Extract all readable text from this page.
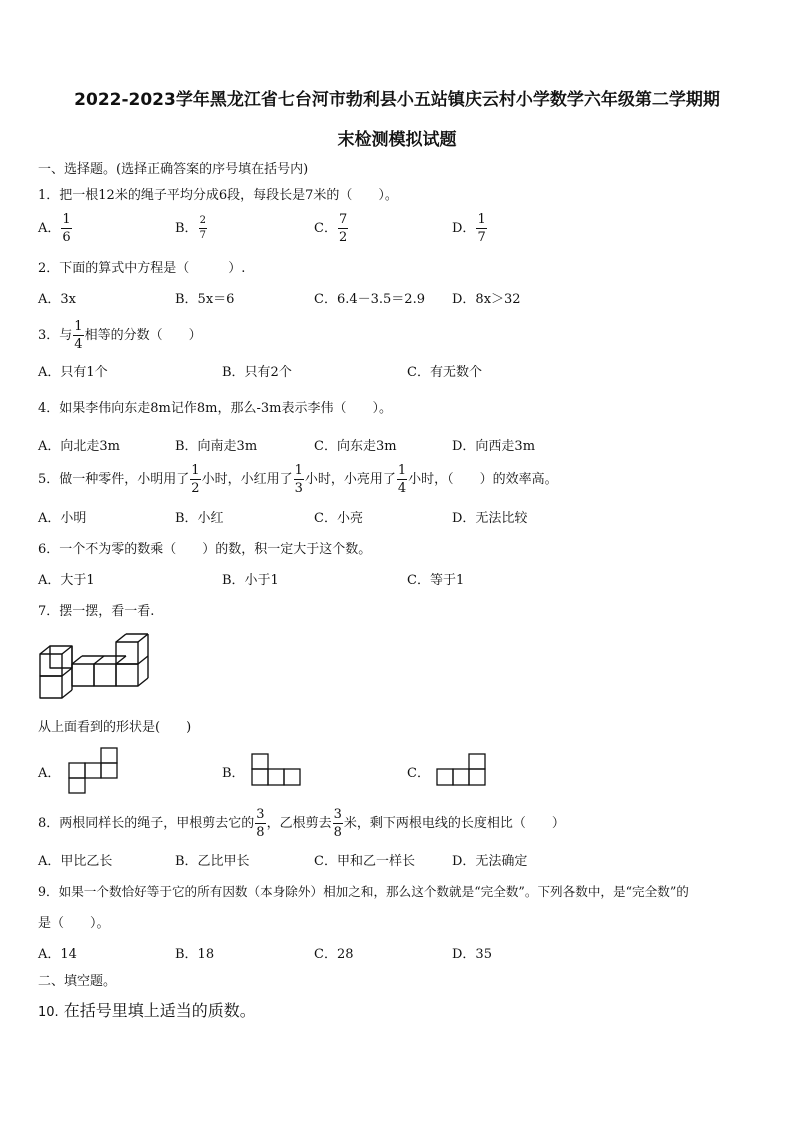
2022-2023学年黑龙江省七台河市勃利县小五站镇庆云村小学数学六年级第二学期期
末检测模拟试题
一、选择题。(选择正确答案的序号填在括号内)
1．把一根12米的绳子平均分成6段，每段长是7米的（　　）。
A． $\frac{1}{6}$	B． $\frac{2}{7}$	C． $\frac{7}{2}$	D． $\frac{1}{7}$
2．下面的算式中方程是（　　　）.
A．3x	B．5x＝6	C．6.4－3.5＝2.9 D．8x＞32
3．与 $\frac{1}{4}$ 相等的分数（　　）
A．只有1个	B．只有2个	C．有无数个
4．如果李伟向东走8m记作8m，那么-3m表示李伟（　　）。
A．向北走3m	B．向南走3m	C．向东走3m	D．向西走3m
5．做一种零件，小明用了 $\frac{1}{2}$ 小时，小红用了 $\frac{1}{3}$ 小时，小亮用了 $\frac{1}{4}$ 小时，（　　）的效率高。
A．小明	B．小红	C．小亮	D．无法比较
6．一个不为零的数乘（　　）的数，积一定大于这个数。
A．大于1	B．小于1	C．等于1
7．摆一摆，看一看.
从上面看到的形状是(　　)
A．	B．	C．
8．两根同样长的绳子，甲根剪去它的 $\frac{3}{8}$ ，乙根剪去 $\frac{3}{8}$ 米，剩下两根电线的长度相比（　　）
A．甲比乙长	B．乙比甲长	C．甲和乙一样长	D．无法确定
9．如果一个数恰好等于它的所有因数（本身除外）相加之和，那么这个数就是“完全数”。下列各数中，是“完全数”的
是（　　）。
A．14	B．18	C．28	D．35
二、填空题。
10. 在括号里填上适当的质数。
